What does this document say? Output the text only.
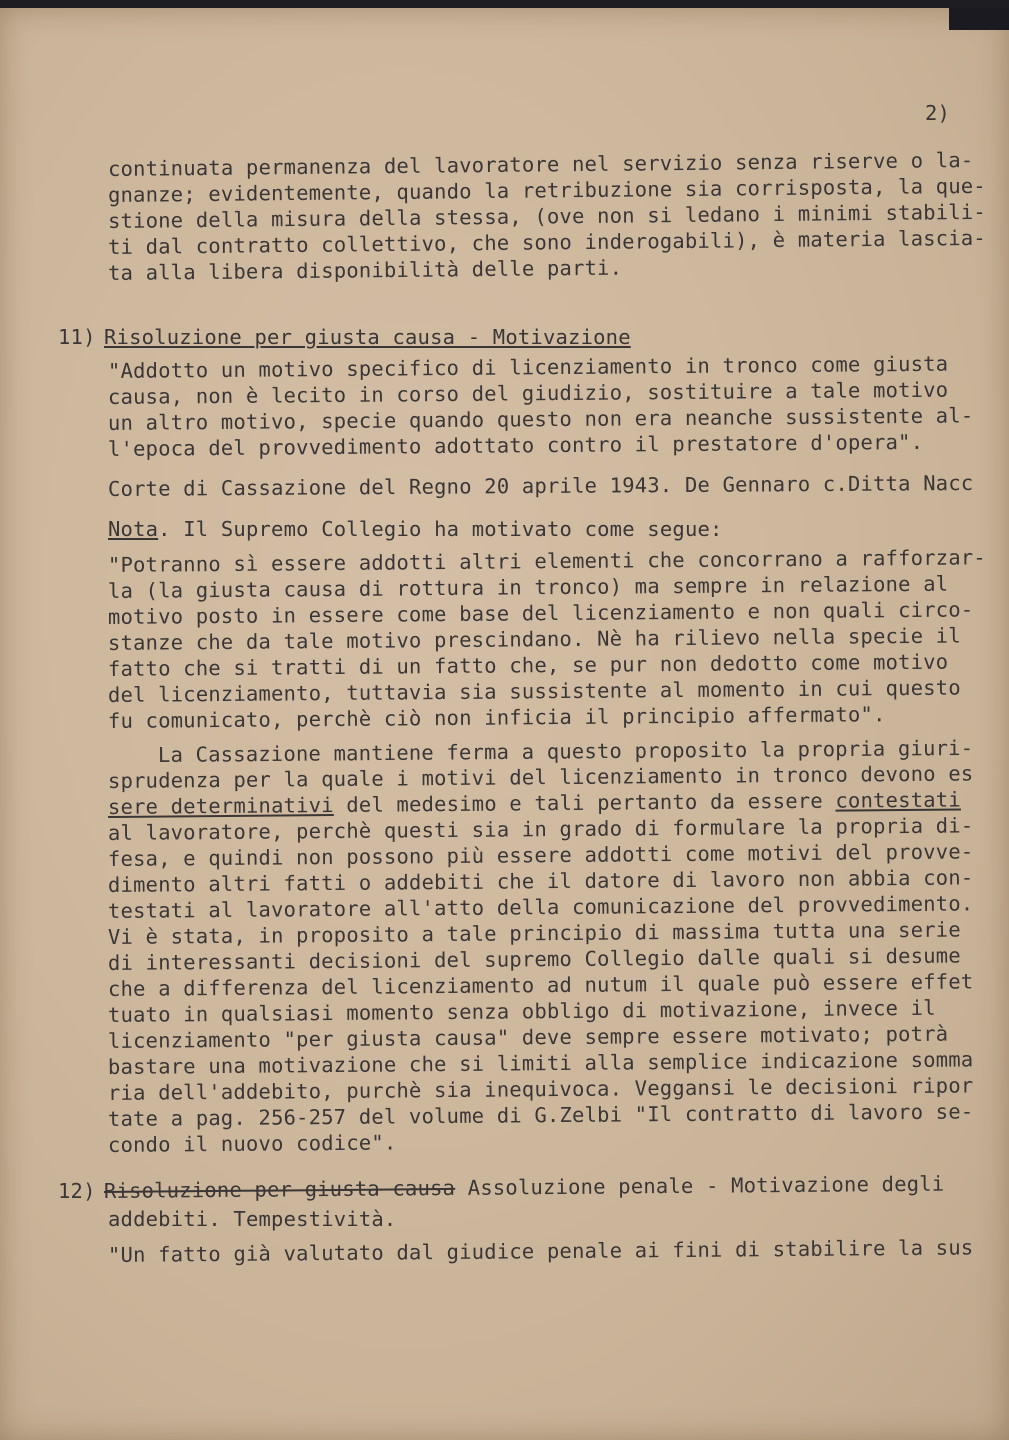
2)
continuata permanenza del lavoratore nel servizio senza riserve o la-
gnanze; evidentemente, quando la retribuzione sia corrisposta, la que-
stione della misura della stessa, (ove non si ledano i minimi stabili-
ti dal contratto collettivo, che sono inderogabili), è materia lascia-
ta alla libera disponibilità delle parti.
11) Risoluzione per giusta causa - Motivazione
"Addotto un motivo specifico di licenziamento in tronco come giusta
causa, non è lecito in corso del giudizio, sostituire a tale motivo
un altro motivo, specie quando questo non era neanche sussistente al-
l'epoca del provvedimento adottato contro il prestatore d'opera".
Corte di Cassazione del Regno 20 aprile 1943. De Gennaro c.Ditta Nacc
Nota. Il Supremo Collegio ha motivato come segue:
"Potranno sì essere addotti altri elementi che concorrano a rafforzar-
la (la giusta causa di rottura in tronco) ma sempre in relazione al
motivo posto in essere come base del licenziamento e non quali circo-
stanze che da tale motivo prescindano. Nè ha rilievo nella specie il
fatto che si tratti di un fatto che, se pur non dedotto come motivo
del licenziamento, tuttavia sia sussistente al momento in cui questo
fu comunicato, perchè ciò non inficia il principio affermato".
La Cassazione mantiene ferma a questo proposito la propria giuri-
sprudenza per la quale i motivi del licenziamento in tronco devono es
sere determinativi del medesimo e tali pertanto da essere contestati
al lavoratore, perchè questi sia in grado di formulare la propria di-
fesa, e quindi non possono più essere addotti come motivi del provve-
dimento altri fatti o addebiti che il datore di lavoro non abbia con-
testati al lavoratore all'atto della comunicazione del provvedimento.
Vi è stata, in proposito a tale principio di massima tutta una serie
di interessanti decisioni del supremo Collegio dalle quali si desume
che a differenza del licenziamento ad nutum il quale può essere effet
tuato in qualsiasi momento senza obbligo di motivazione, invece il
licenziamento "per giusta causa" deve sempre essere motivato; potrà
bastare una motivazione che si limiti alla semplice indicazione somma
ria dell'addebito, purchè sia inequivoca. Veggansi le decisioni ripor
tate a pag. 256-257 del volume di G.Zelbi "Il contratto di lavoro se-
condo il nuovo codice".
12) Risoluzione per giusta causa Assoluzione penale - Motivazione degli
addebiti. Tempestività.
"Un fatto già valutato dal giudice penale ai fini di stabilire la sus
